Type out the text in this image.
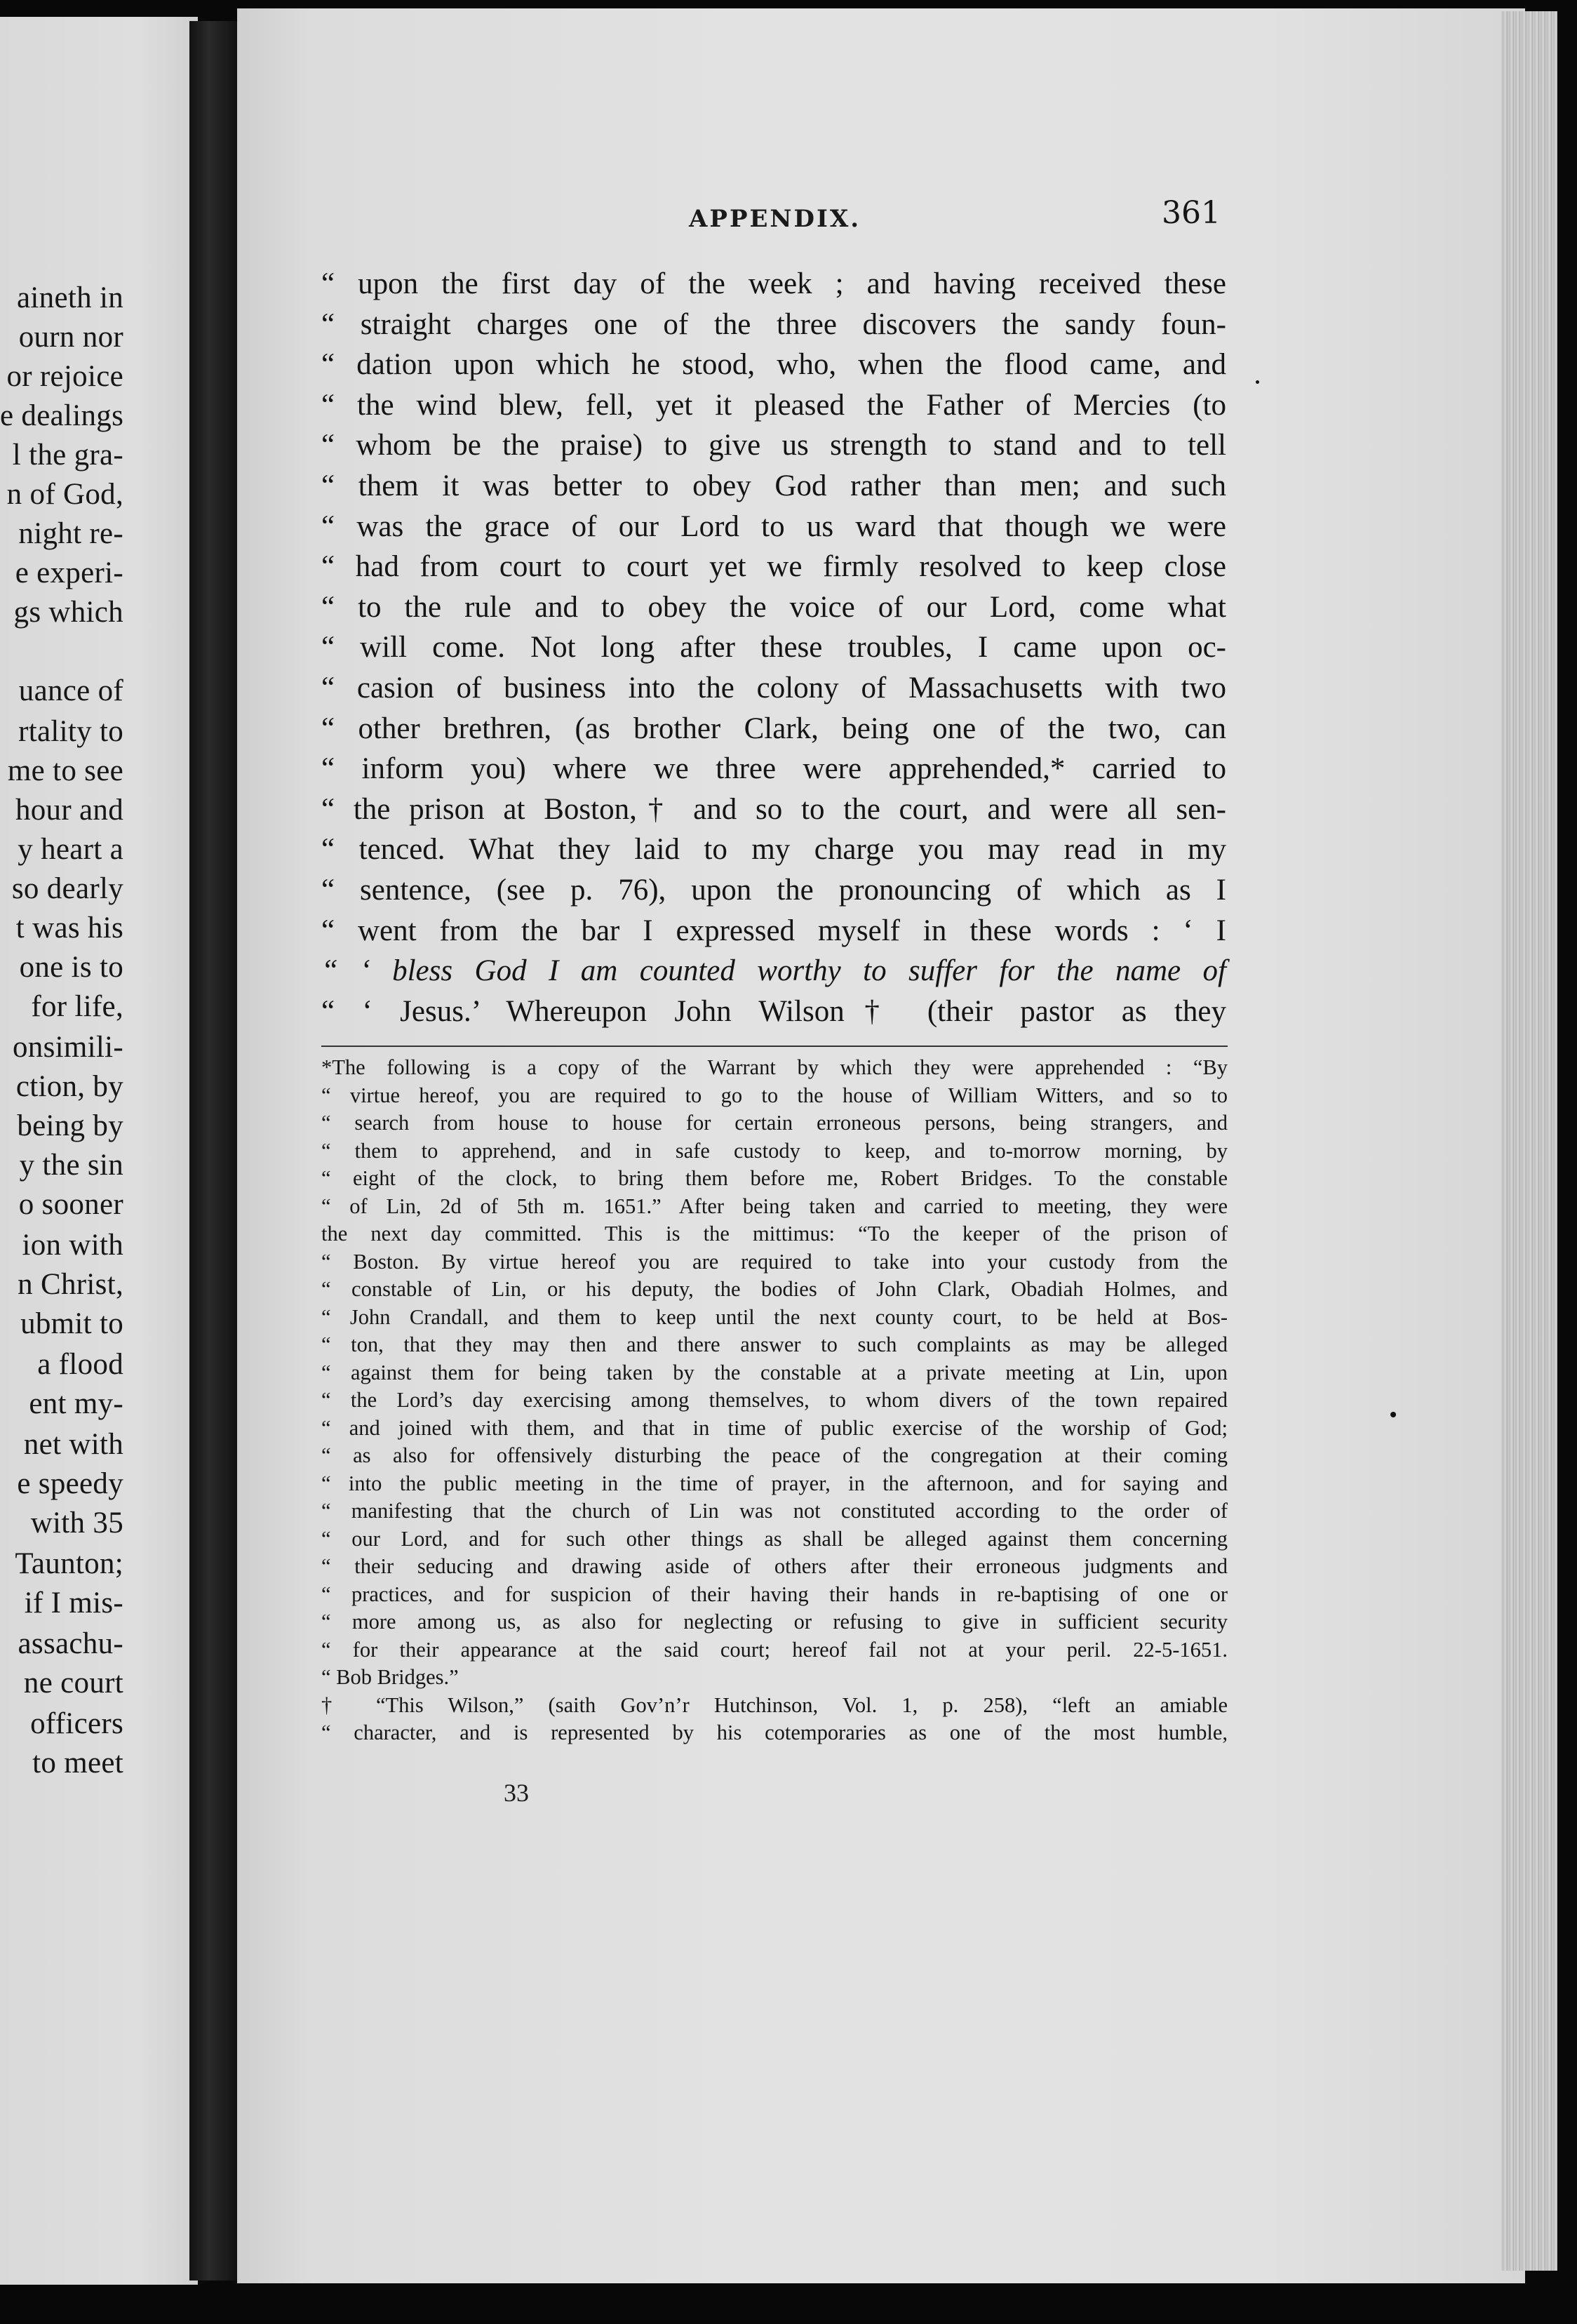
aineth in
ourn nor
or rejoice
e dealings
l the gra-
n of God,
night re-
e experi-
gs which
uance of
rtality to
me to see
hour and
y heart a
so dearly
t was his
one is to
for life,
onsimili-
ction, by
being by
y the sin
o sooner
ion with
n Christ,
ubmit to
a flood
ent my-
net with
e speedy
with 35
Taunton;
if I mis-
assachu-
ne court
officers
to meet
APPENDIX.	361
“ upon the first day of the week ; and having received these
“ straight charges one of the three discovers the sandy foun-
“ dation upon which he stood, who, when the flood came, and
“ the wind blew, fell, yet it pleased the Father of Mercies (to
“ whom be the praise) to give us strength to stand and to tell
“ them it was better to obey God rather than men; and such
“ was the grace of our Lord to us ward that though we were
“ had from court to court yet we firmly resolved to keep close
“ to the rule and to obey the voice of our Lord, come what
“ will come. Not long after these troubles, I came upon oc-
“ casion of business into the colony of Massachusetts with two
“ other brethren, (as brother Clark, being one of the two, can
“ inform you) where we three were apprehended,* carried to
“ the prison at Boston,† and so to the court, and were all sen-
“ tenced. What they laid to my charge you may read in my
“ sentence, (see p. 76), upon the pronouncing of which as I
“ went from the bar I expressed myself in these words : ‘ I
“ ‘ bless God I am counted worthy to suffer for the name of
“ ‘ Jesus.’ Whereupon John Wilson† (their pastor as they
*The following is a copy of the Warrant by which they were apprehended : “By
“ virtue hereof, you are required to go to the house of William Witters, and so to
“ search from house to house for certain erroneous persons, being strangers, and
“ them to apprehend, and in safe custody to keep, and to-morrow morning, by
“ eight of the clock, to bring them before me, Robert Bridges. To the constable
“ of Lin, 2d of 5th m. 1651.” After being taken and carried to meeting, they were
the next day committed. This is the mittimus: “To the keeper of the prison of
“ Boston. By virtue hereof you are required to take into your custody from the
“ constable of Lin, or his deputy, the bodies of John Clark, Obadiah Holmes, and
“ John Crandall, and them to keep until the next county court, to be held at Bos-
“ ton, that they may then and there answer to such complaints as may be alleged
“ against them for being taken by the constable at a private meeting at Lin, upon
“ the Lord’s day exercising among themselves, to whom divers of the town repaired
“ and joined with them, and that in time of public exercise of the worship of God;
“ as also for offensively disturbing the peace of the congregation at their coming
“ into the public meeting in the time of prayer, in the afternoon, and for saying and
“ manifesting that the church of Lin was not constituted according to the order of
“ our Lord, and for such other things as shall be alleged against them concerning
“ their seducing and drawing aside of others after their erroneous judgments and
“ practices, and for suspicion of their having their hands in re-baptising of one or
“ more among us, as also for neglecting or refusing to give in sufficient security
“ for their appearance at the said court; hereof fail not at your peril. 22-5-1651.
“ Bob Bridges.”
† “This Wilson,” (saith Gov’n’r Hutchinson, Vol. 1, p. 258), “left an amiable
“ character, and is represented by his cotemporaries as one of the most humble,
33
